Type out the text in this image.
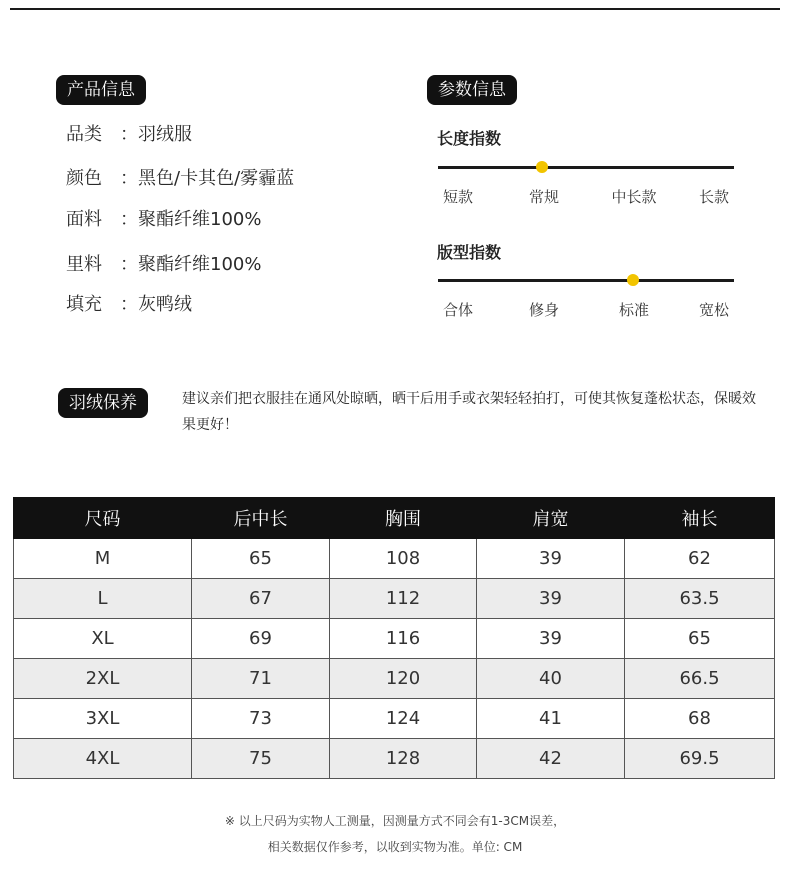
产品信息
品类 ：羽绒服
颜色 ：黑色/卡其色/雾霾蓝
面料 ：聚酯纤维100%
里料 ：聚酯纤维100%
填充 ：灰鸭绒
参数信息
长度指数
短款	常规	中长款	长款
版型指数
合体	修身	标准	宽松
羽绒保养	建议亲们把衣服挂在通风处晾晒，晒干后用手或衣架轻轻拍打，可使其恢复蓬松状态，保暖效果更好！
尺码	后中长	胸围	肩宽	袖长
M	65	108	39	62
L	67	112	39	63.5
XL	69	116	39	65
2XL	71	120	40	66.5
3XL	73	124	41	68
4XL	75	128	42	69.5
※ 以上尺码为实物人工测量，因测量方式不同会有1-3CM误差，
相关数据仅作参考，以收到实物为准。单位: CM
